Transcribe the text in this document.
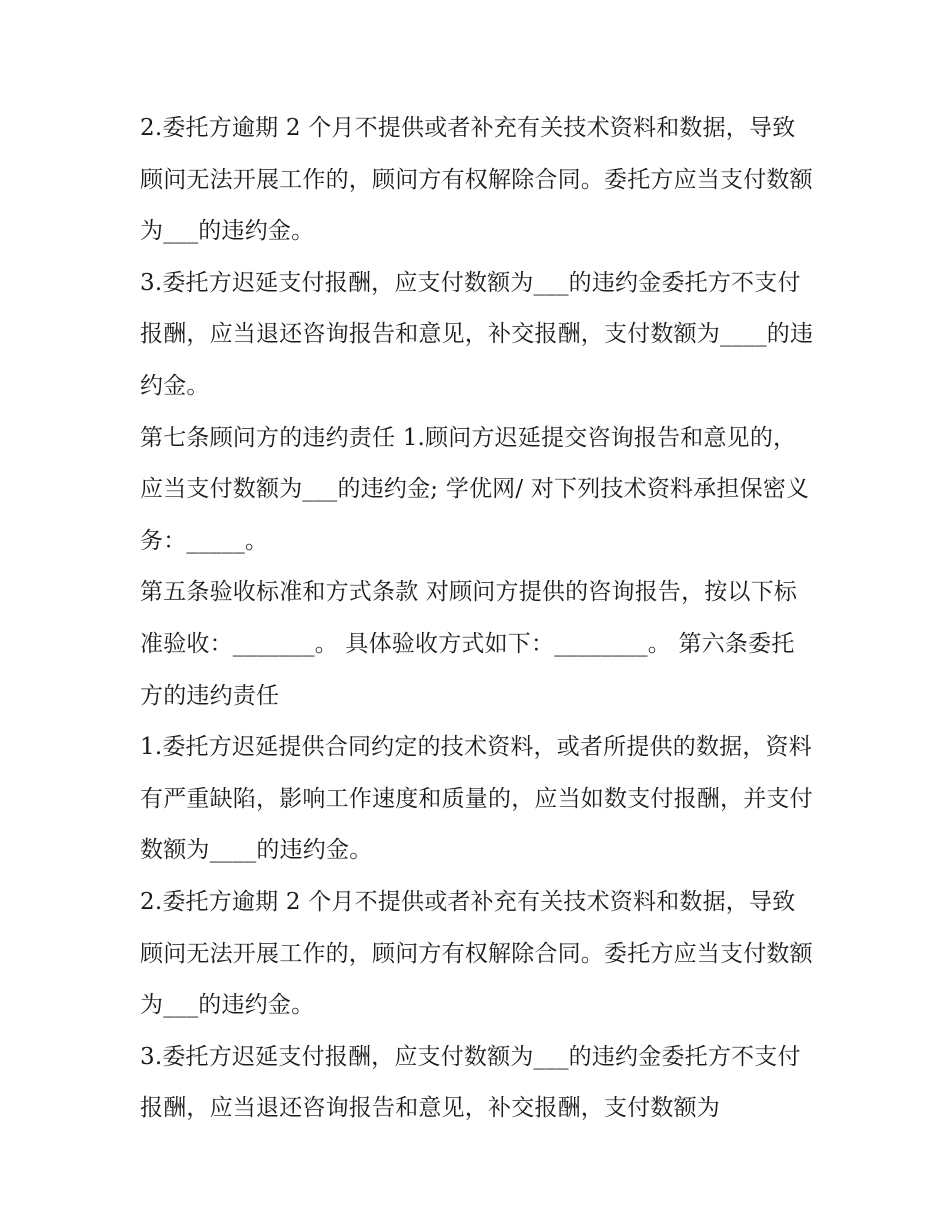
2.委托方逾期 2 个月不提供或者补充有关技术资料和数据，导致顾问无法开展工作的，顾问方有权解除合同。委托方应当支付数额为___的违约金。

3.委托方迟延支付报酬，应支付数额为___的违约金委托方不支付报酬，应当退还咨询报告和意见，补交报酬，支付数额为____的违约金。

第七条顾问方的违约责任 1.顾问方迟延提交咨询报告和意见的，应当支付数额为___的违约金; 学优网/ 对下列技术资料承担保密义务：_____。

第五条验收标准和方式条款 对顾问方提供的咨询报告，按以下标准验收：_______。 具体验收方式如下：________。 第六条委托方的违约责任

1.委托方迟延提供合同约定的技术资料，或者所提供的数据，资料有严重缺陷，影响工作速度和质量的，应当如数支付报酬，并支付数额为____的违约金。

2.委托方逾期 2 个月不提供或者补充有关技术资料和数据，导致顾问无法开展工作的，顾问方有权解除合同。委托方应当支付数额为___的违约金。

3.委托方迟延支付报酬，应支付数额为___的违约金委托方不支付报酬，应当退还咨询报告和意见，补交报酬，支付数额为
